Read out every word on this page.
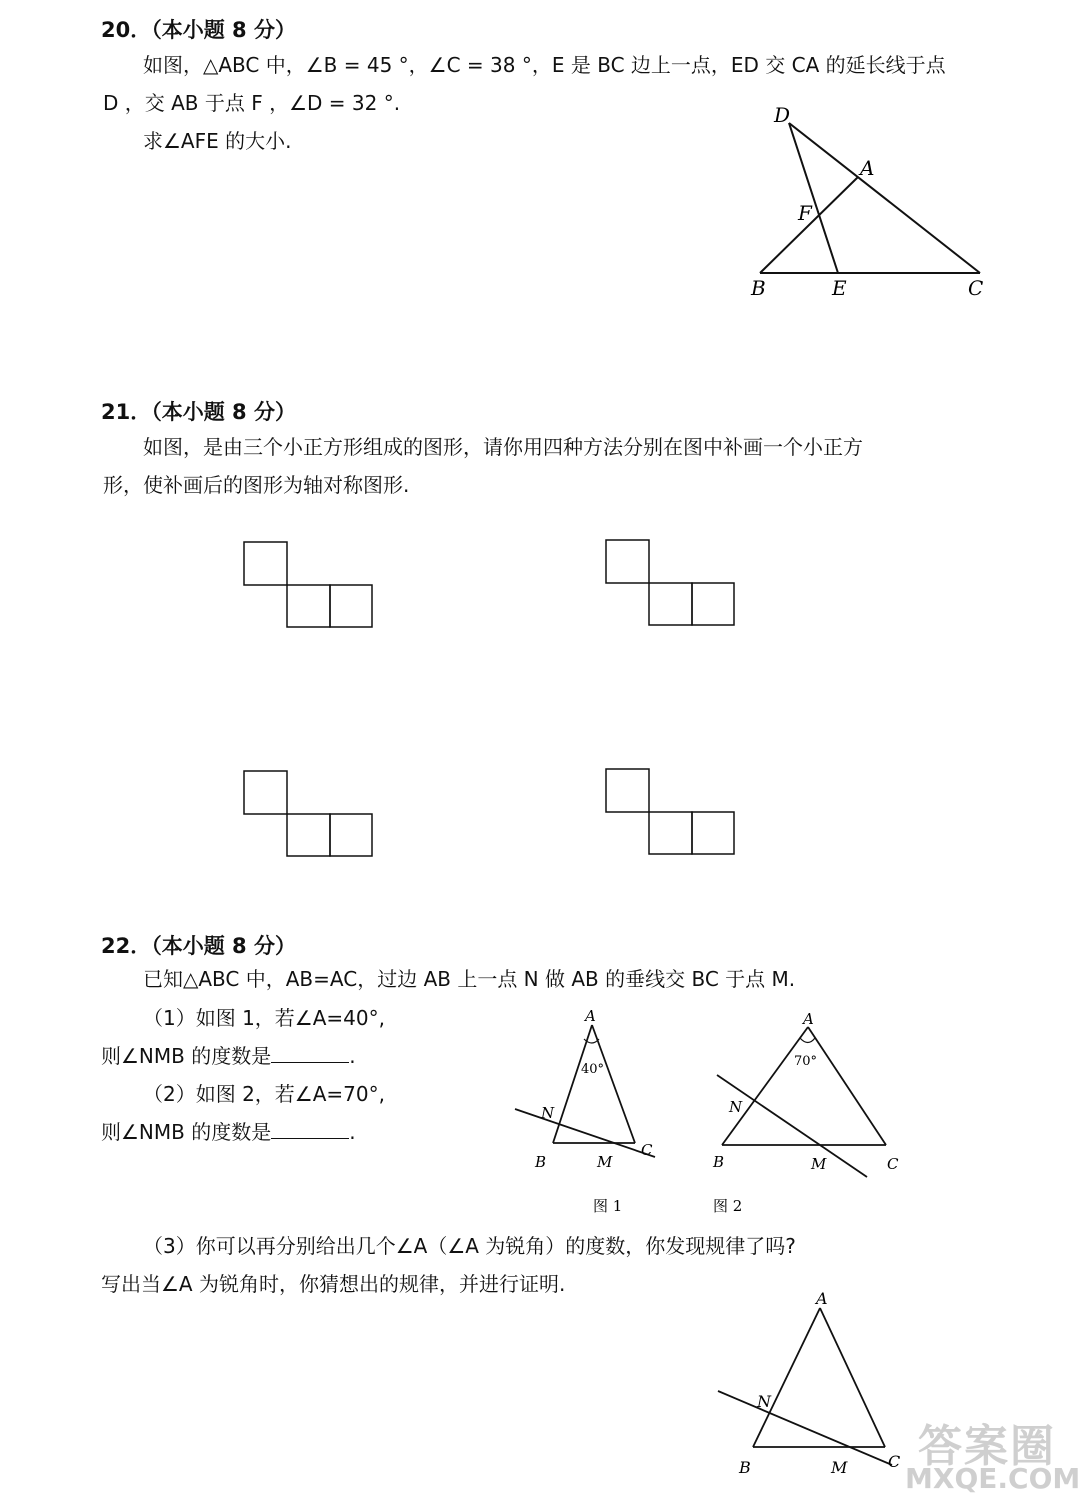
20．（本小题 8 分）
如图，△ABC 中，∠B = 45 °，∠C = 38 °，E 是 BC 边上一点，ED 交 CA 的延长线于点
D ，交 AB 于点 F ，∠D = 32 °.
求∠AFE 的大小.
D
A
F
B	E	C
21．（本小题 8 分）
如图，是由三个小正方形组成的图形，请你用四种方法分别在图中补画一个小正方
形，使补画后的图形为轴对称图形.
22．（本小题 8 分）
已知△ABC 中，AB=AC，过边 AB 上一点 N 做 AB 的垂线交 BC 于点 M.
（1）如图 1，若∠A=40°,
则∠NMB 的度数是	.
（2）如图 2，若∠A=70°,
则∠NMB 的度数是	.
A
40°
N
B	M
C
图 1
A
70°
N
B	M	C
图 2
（3）你可以再分别给出几个∠A（∠A 为锐角）的度数，你发现规律了吗?
写出当∠A 为锐角时，你猜想出的规律，并进行证明.
A
N
B	M	C 答案圈
MXQE.COM
